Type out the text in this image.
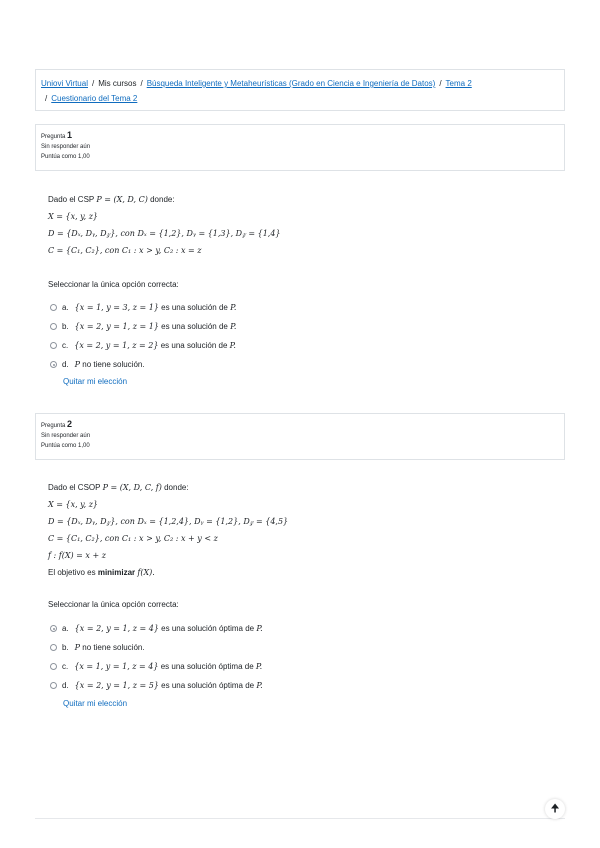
Uniovi Virtual / Mis cursos / Búsqueda Inteligente y Metaheurísticas (Grado en Ciencia e Ingeniería de Datos) / Tema 2
/ Cuestionario del Tema 2
Pregunta 1
Sin responder aún
Puntúa como 1,00
Dado el CSP P = (X, D, C) donde:
X = {x, y, z}
D = {Dₓ, Dᵧ, D𝓏}, con Dₓ = {1,2}, Dᵧ = {1,3}, D𝓏 = {1,4}
C = {C₁, C₂}, con C₁ : x > y, C₂ : x = z
Seleccionar la única opción correcta:
a. {x = 1, y = 3, z = 1}
es una solución de
P.
b. {x = 2, y = 1, z = 1}
es una solución de
P.
c. {x = 2, y = 1, z = 2}
es una solución de
P.
d. P
no tiene solución.
Quitar mi elección
Pregunta 2
Sin responder aún
Puntúa como 1,00
Dado el CSOP P = (X, D, C, f) donde:
X = {x, y, z}
D = {Dₓ, Dᵧ, D𝓏}, con Dₓ = {1,2,4}, Dᵧ = {1,2}, D𝓏 = {4,5}
C = {C₁, C₂}, con C₁ : x > y, C₂ : x + y < z
f : f(X) = x + z
El objetivo es minimizar f(X).
Seleccionar la única opción correcta:
a. {x = 2, y = 1, z = 4}
es una solución óptima de
P.
b. P
no tiene solución.
c. {x = 1, y = 1, z = 4}
es una solución óptima de
P.
d. {x = 2, y = 1, z = 5}
es una solución óptima de
P.
Quitar mi elección
🠉
